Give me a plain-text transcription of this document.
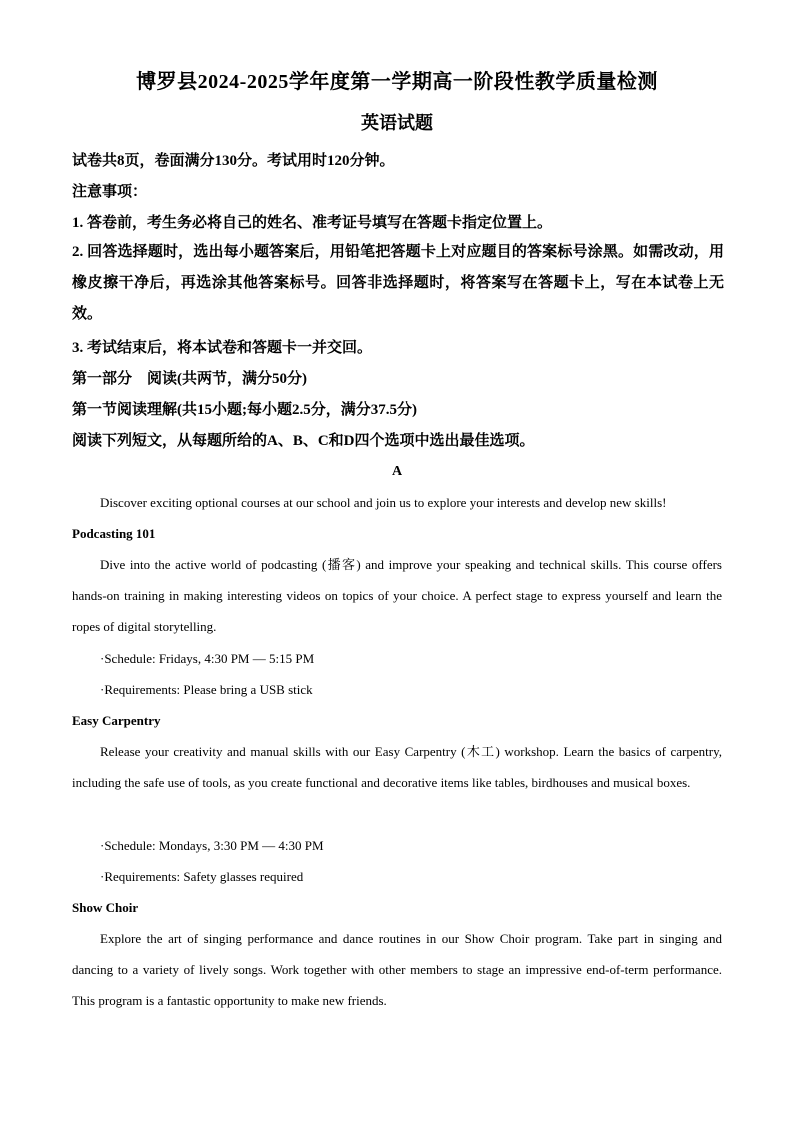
博罗县2024-2025学年度第一学期高一阶段性教学质量检测
英语试题
试卷共8页，卷面满分130分。考试用时120分钟。
注意事项：
1. 答卷前，考生务必将自己的姓名、准考证号填写在答题卡指定位置上。
2. 回答选择题时，选出每小题答案后，用铅笔把答题卡上对应题目的答案标号涂黑。如需改动，用橡皮擦干净后，再选涂其他答案标号。回答非选择题时，将答案写在答题卡上，写在本试卷上无效。
3. 考试结束后，将本试卷和答题卡一并交回。
第一部分　阅读(共两节，满分50分)
第一节阅读理解(共15小题;每小题2.5分，满分37.5分)
阅读下列短文，从每题所给的A、B、C和D四个选项中选出最佳选项。
A
Discover exciting optional courses at our school and join us to explore your interests and develop new skills!
Podcasting 101
Dive into the active world of podcasting (播客) and improve your speaking and technical skills. This course offers hands-on training in making interesting videos on topics of your choice. A perfect stage to express yourself and learn the ropes of digital storytelling.
·Schedule: Fridays, 4:30 PM — 5:15 PM
·Requirements: Please bring a USB stick
Easy Carpentry
Release your creativity and manual skills with our Easy Carpentry (木工) workshop. Learn the basics of carpentry, including the safe use of tools, as you create functional and decorative items like tables, birdhouses and musical boxes.
·Schedule: Mondays, 3:30 PM — 4:30 PM
·Requirements: Safety glasses required
Show Choir
Explore the art of singing performance and dance routines in our Show Choir program. Take part in singing and dancing to a variety of lively songs. Work together with other members to stage an impressive end-of-term performance. This program is a fantastic opportunity to make new friends.
